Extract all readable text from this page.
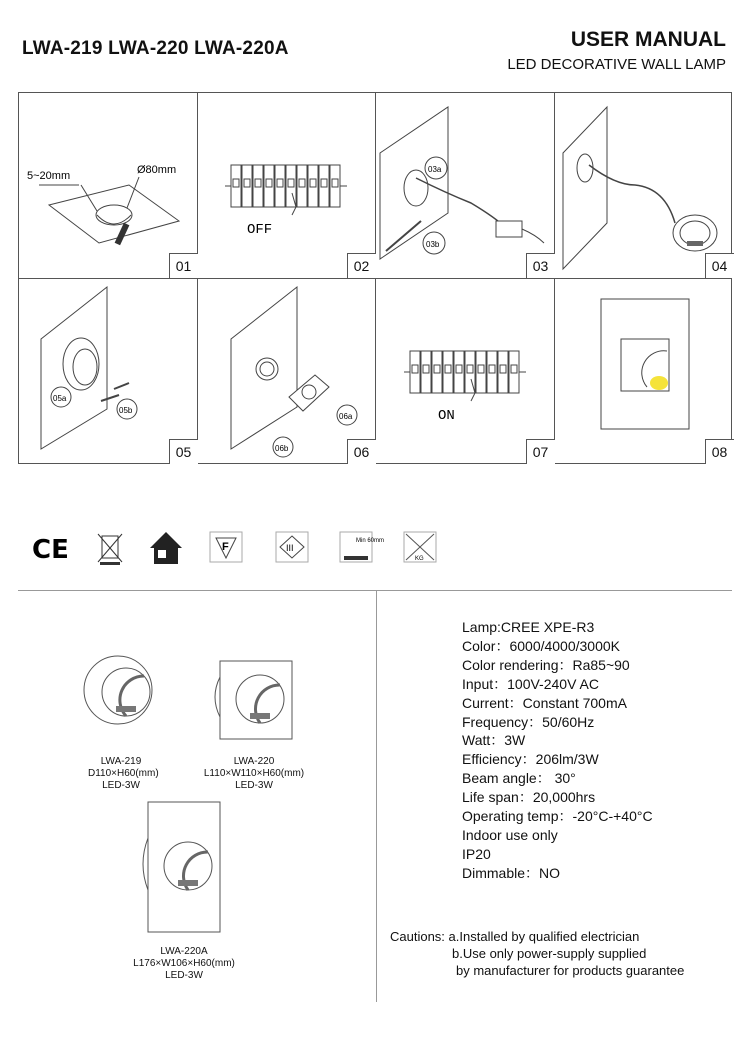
LWA-219 LWA-220 LWA-220A	USER MANUAL
LED DECORATIVE WALL LAMP
5~20mm	Ø80mm
01
OFF
02
03a
03b
03	04
05a
05b
05	06b
06a
06
ON
07	08
CE	F	III
Min 60mm
KG
LWA-219
D110×H60(mm)
LED-3W
LWA-220
L110×W110×H60(mm)
LED-3W
LWA-220A
L176×W106×H60(mm)
LED-3W
Lamp:CREE XPE-R3
Color：6000/4000/3000K
Color rendering：Ra85~90
Input：100V-240V AC
Current：Constant 700mA
Frequency：50/60Hz
Watt：3W
Efficiency：206lm/3W
Beam angle： 30°
Life span：20,000hrs
Operating temp：-20°C-+40°C
Indoor use only
IP20
Dimmable：NO
Cautions: a.Installed by qualified electrician
b.Use only power-supply supplied
by manufacturer for products guarantee
